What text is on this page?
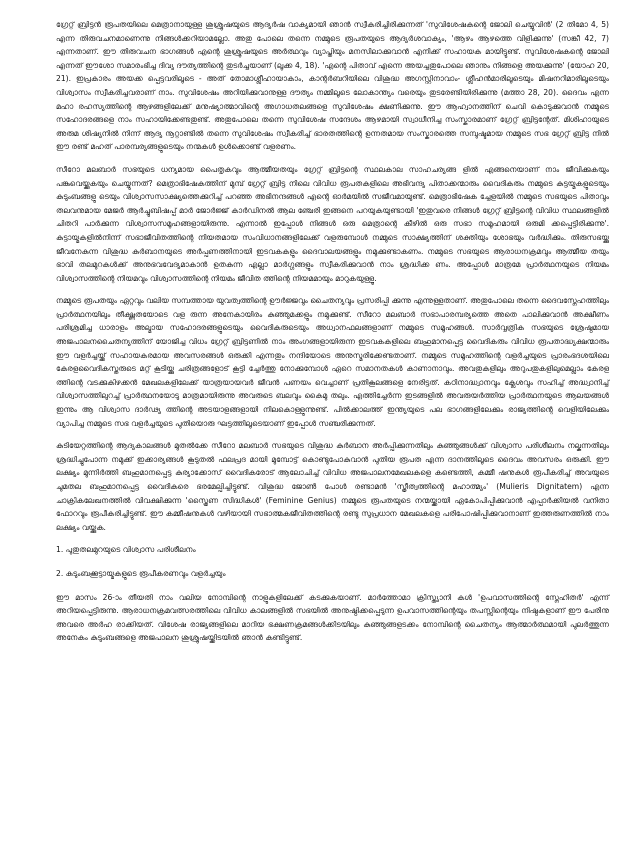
ഗ്രേറ്റ് ബ്രിട്ടൻ രൂപതയിലെ മെത്രാനായുള്ള ശുശ്രൂഷയുടെ ആദ്യർഷ വാക്യമായി ഞാൻ സ്വീകരിച്ചിരിക്കുന്നത് 'സുവിശേഷകന്റെ ജോലി ചെയ്യുവിൻ' (2 തിമോ 4, 5) എന്ന തിരുവചനമാണെന്നു നിങ്ങൾക്കറിയാമല്ലോ. അതു പോലെ തന്നെ നമ്മുടെ രൂപതയുടെ ആദ്യർശവാക്യം, 'ആഴം ആഴത്തെ വിളിക്കുന്നു' (സങ്കീ 42, 7) എന്നതാണ്. ഈ തിരുവചന ഭാഗങ്ങൾ എന്റെ ശുശ്രൂഷയുടെ അർത്ഥവും വ്യാപ്തിയും മനസിലാക്കുവാൻ എനിക്ക് സഹായക മായിട്ടുണ്ട്. സുവിശേഷകന്റെ ജോലി എന്നത് ഈശോ സമാരംഭിച്ച ദിവ്യ ദൗത്യത്തിന്റെ തുടർച്ചയാണ് (ലൂക്ക 4, 18). 'എന്റെ പിതാവ് എന്നെ അയച്ചതുപോലെ ഞാനും നിങ്ങളെ അയക്കുന്നു' (യോഹ 20, 21). ഇപ്രകാരം അയക്ക പ്പെട്ടവരിലൂടെ - അത് തോമാശ്ലീഹായാകാം, കാന്റർബറിയിലെ വിശുദ്ധ അഗസ്റ്റിനാവാം- ശ്ലീഹൻമാരിലൂടെയും മിഷനറിമാരിലൂടെയും വിശ്വാസം സ്വീകരിച്ചവരാണ് നാം. സുവിശേഷം അറിയിക്കുവാനുള്ള ദൗത്യം നമ്മിലൂടെ ലോകാന്ത്യം വരെയും തുടരേണ്ടിയിരിക്കുന്നു (മത്താ 28, 20). ദൈവം എന്ന മഹാ രഹസ്യത്തിന്റെ ആഴങ്ങളിലേക്ക് മനുഷ്യാത്മാവിന്റെ അഗാധതലങ്ങളെ സുവിശേഷം ക്ഷണിക്കുന്നു. ഈ ആഹ്വാനത്തിന് ചെവി കൊടുക്കുവാൻ നമ്മുടെ സഹോദരങ്ങളെ നാം സഹായിക്കേണ്ടതുണ്ട്. അതുപോലെ തന്നെ സുവിശേഷ സന്ദേശം ആഴമായി സ്വാധീനിച്ച സംസ്കാരമാണ് ഗ്രേറ്റ് ബ്രിട്ടന്റേത്. മിശിഹായുടെ അരുമ ശിഷ്യനിൽ നിന്ന് ആദ്യ നൂറ്റാണ്ടിൽ തന്നെ സുവിശേഷം സ്വീകരിച്ച് ഭാരതത്തിന്റെ ഉന്നതമായ സംസ്കാരത്തെ സമ്പുഷ്ടമായ നമ്മുടെ സഭ ഗ്രേറ്റ് ബ്രിട്ട നിൽ ഈ രണ്ട് മഹത് പാരമ്പര്യങ്ങളുടെയും നന്മകൾ ഉൾക്കൊണ്ട് വളരണം.

സീറോ മലബാർ സഭയുടെ ധന്യമായ പൈതൃകവും ആത്മീയതയും ഗ്രേറ്റ് ബ്രിട്ടന്റെ സ്ഥലകാല സാഹചര്യങ്ങ ളിൽ എങ്ങനെയാണ് നാം ജീവിക്കുകയും പങ്കുവെയ്ക്കുകയും ചെയ്യുന്നത്? മെത്രാഭിഷേകത്തിന് മുമ്പ് ഗ്രേറ്റ് ബ്രിട്ട നിലെ വിവിധ രൂപതകളിലെ അഭിവന്ദ്യ പിതാക്കന്മാരും വൈദികരും നമ്മുടെ കുട്ടയ്മകളുടെയും കുടുംബങ്ങളു ടെയും വിശ്വാസസാക്ഷ്യത്തെക്കുറിച്ച് പറഞ്ഞ അഭിനന്ദങ്ങൾ എന്റെ ഓർമയിൽ സജീവമായുണ്ട്. മെത്രാഭിഷേക ച്ചേളയിൽ നമ്മുടെ സഭയുടെ പിതാവും തലവനുമായ മേജർ ആർച്ചുബിഷപ്പ് മാർ ജോർജ്ജ് കാർഡിനൽ ആല ഞ്ചേരി ഇങ്ങനെ പറയുകയുണ്ടായി 'ഇതുവരെ നിങ്ങൾ ഗ്രേറ്റ് ബ്രിട്ടന്റെ വിവിധ സ്ഥലങ്ങളിൽ ചിതറി പാർക്കുന്ന വിശ്വാസസമൂഹങ്ങളായിരുന്നു. എന്നാൽ ഇപ്പോൾ നിങ്ങൾ ഒരു മെത്രാന്റെ കീഴിൽ ഒരു സഭാ സമൂഹമായി ഒരുമി ക്കപ്പെട്ടിരിക്കുന്നു'. കുട്ടായ്മകളിൽനിന്ന് സഭാജീവിതത്തിന്റെ നിയതമായ സംവിധാനങ്ങളിലേക്ക് വളരുമ്പോൾ നമ്മുടെ സാക്ഷ്യത്തിന് ശക്തിയും ശോഭയും വർദ്ധിക്കും. തിരുസഭയ്ക്കു ജീവനേകുന്ന വിശുദ്ധ കുർബാനയുടെ അർപ്പണത്തിനായി ഇടവകകളും ദൈവാലയങ്ങളും നമുക്കുണ്ടാകണം. നമ്മുടെ സഭയുടെ ആരാധനക്രമവും ആത്മീയ തയും ഭാവി തലമുറകൾക്ക് അനുഭവവേദ്യമാകാൻ ഉതകുന്ന എല്ലാ മാർഗ്ഗങ്ങളും സ്വീകരിക്കുവാൻ നാം ശ്രദ്ധിക്ക ണം. അപ്പോൾ മാത്രമേ പ്രാർത്ഥനയുടെ നിയമം വിശ്വാസത്തിന്റെ നിയമവും വിശ്വാസത്തിന്റെ നിയമം ജീവിത ത്തിന്റെ നിയമമായും മാറുകയുള്ളൂ.

നമ്മുടെ രൂപതയും ഏറ്റവും വലിയ സമ്പത്തായ യുവത്വത്തിന്റെ ഊർജ്ജവും ചൈതന്യവും പ്രസരിപ്പി ക്കുന്നു എന്നുള്ളതാണ്. അതുപോലെ തന്നെ ദൈവസ്നേഹത്തിലും പ്രാർത്ഥനയിലും തീക്ഷ്ണതയോടെ വള രുന്ന അനേകായിരം കുഞ്ഞുമക്കളും നമുക്കുണ്ട്. സീറോ മലബാർ സഭാപാരമ്പര്യത്തെ അതെ പാലിക്കുവാൻ അക്ഷീണം പരിശ്രമിച്ച ധാരാളം അല്മായ സഹോദരങ്ങളുടെയും വൈദികരുടെയും അധ്വാനഫലങ്ങളാണ് നമ്മുടെ സമൂഹങ്ങൾ. സാർവ്വത്രിക സഭയുടെ ശ്രേഷ്ഠമായ അജപാലനചൈതന്യത്തിന് യോജിച്ച വിധം ഗ്രേറ്റ് ബ്രിട്ടണിൽ നാം അംഗങ്ങളായിരുന്ന ഇടവകകളിലെ ബഹുമാനപ്പെട്ട വൈദികരും വിവിധ രൂപതാദ്ധ്യക്ഷന്മാരും ഈ വളർച്ചയ്ക്ക് സഹായകരമായ അവസരങ്ങൾ ഒരുക്കി എന്നതും നന്ദിയോടെ അനുസ്മരിക്കേണ്ടതാണ്. നമ്മുടെ സമൂഹത്തിന്റെ വളർച്ചയുടെ പ്രാരംഭദശയിലെ കേരളവൈദികസ്തരുടെ മറ്റ് കൂടിയ്ക്കു ചരിത്രങ്ങളോട് കൂട്ടി ച്ചേർത്തു നോക്കുമ്പോൾ ഏറെ സമാനതകൾ കാണാനാവും. അവതുകളിലും അറുപതുകളിലുമെല്ലാം കേരള ത്തിന്റെ വടക്കുകിഴക്കൻ മേഖലകളിലേക്ക് യാത്രയായവർ ജീവൻ പണയം വെച്ചാണ് പ്രതികൂലങ്ങളെ നേരിട്ടത്. കഠിനാദ്ധ്വാനവും ക്ലേശവും സഹിച്ച് അദ്ധ്വാനിച്ച് വിശ്വാസത്തിലുറച്ച് പ്രാർത്ഥനയോടു മാത്രമായിരുന്നു അവരുടെ ബലവും കൈമു തലും. എത്തിച്ചേർന്ന ഇടങ്ങളിൽ അവരുയർത്തിയ പ്രാർത്ഥനയുടെ ആലയങ്ങൾ ഇന്നും ആ വിശ്വാസ ദാർഢ്യ ത്തിന്റെ അടയാളങ്ങളായി നിലകൊള്ളുന്നുണ്ട്. പിൽക്കാലത്ത് ഇന്ത്യയുടെ പല ഭാഗങ്ങളിലേക്കും രാജ്യത്തിന്റെ വെളിയിലേക്കും വ്യാപിച്ച നമ്മുടെ സഭ വളർച്ചയുടെ പുതിയൊരു ഘട്ടത്തിലൂടെയാണ് ഇപ്പോൾ സഞ്ചരിക്കുന്നത്.

കുടിയേറ്റത്തിന്റെ ആദ്യകാലങ്ങൾ മുതൽക്കേ സീറോ മലബാർ സഭയുടെ വിശുദ്ധ കുർബാന അർപ്പിക്കുന്നതിലും കുഞ്ഞുങ്ങൾക്ക് വിശ്വാസ പരിശീലനം നല്കുന്നതിലും ശ്രദ്ധിച്ചുപോന്ന നമുക്ക് ഇക്കാര്യങ്ങൾ കൂടുതൽ ഫലപ്രദ മായി മുമ്പോട്ട് കൊണ്ടുപോകുവാൻ പുതിയ രൂപത എന്ന ദാനത്തിലൂടെ ദൈവം അവസരം ഒരുക്കി. ഈ ലക്ഷ്യം മുന്നിർത്തി ബഹുമാനപ്പെട്ട കുര്യാക്കോസ് വൈദികരോട് ആലോചിച്ച് വിവിധ അജപാലനമേഖലകളെ കണ്ടെത്തി, കമ്മീ ഷനുകൾ രൂപീകരിച്ച് അവയുടെ ചുമതല ബഹുമാനപ്പെട്ട വൈദികരെ ഭരമേല്പിച്ചിട്ടുണ്ട്. വിശുദ്ധ ജോൺ പോൾ രണ്ടാമൻ 'സ്ത്രീത്വത്തിന്റെ മഹാത്മ്യം' (Mulieris Dignitatem) എന്ന ചാക്രികലേഖനത്തിൽ വിവക്ഷിക്കുന്ന 'സ്ത്രൈണ സിദ്ധികൾ' (Feminine Genius) നമ്മുടെ രൂപതയുടെ നന്മയ്ക്കായി ഏകോപിപ്പിക്കുവാൻ എപ്പാർക്കിയൽ വനിതാ ഫോറവും രൂപീകരിച്ചിട്ടുണ്ട്. ഈ കമ്മീഷനുകൾ വഴിയായി സഭാത്മകജീവിതത്തിന്റെ രണ്ടു സുപ്രധാന മേഖലകളെ പരിപോഷിപ്പിക്കുവാനാണ് ഇത്തരുണത്തിൽ നാം ലക്ഷ്യം വയ്ക്കുക.

1. പുതുതലമുറയുടെ വിശ്വാസ പരിശീലനം

2. കുടുംബക്കൂട്ടായ്മകളുടെ രൂപീകരണവും വളർച്ചയും

ഈ മാസം 26-ാം തീയതി നാം വലിയ നോമ്പിന്റെ നാളുകളിലേക്ക് കടക്കുകയാണ്. മാർത്തോമാ ക്രിസ്ത്യാനി കൾ 'ഉപവാസത്തിന്റെ സ്നേഹിതർ' എന്ന് അറിയപ്പെട്ടിരുന്നു. ആരാധനക്രമവത്സരത്തിലെ വിവിധ കാലങ്ങളിൽ സഭയിൽ അനുഷ്ഠിക്കപ്പെടുന്ന ഉപവാസത്തിന്റെയും തപസ്സിന്റെയും നിഷ്ഠകളാണ് ഈ പേരിനു അവരെ അർഹ രാക്കിയത്. വിശേഷ രാജ്യങ്ങളിലെ മാറിയ ഭക്ഷണക്രമങ്ങൾക്കിടയിലും കുഞ്ഞുങ്ങളടക്കം നോമ്പിന്റെ ചൈതന്യം ആത്മാർത്ഥമായി പുലർത്തുന്ന അനേകം കുടുംബങ്ങളെ അജപാലന ശുശ്രൂഷയ്ക്കിടയിൽ ഞാൻ കണ്ടിട്ടുണ്ട്.
